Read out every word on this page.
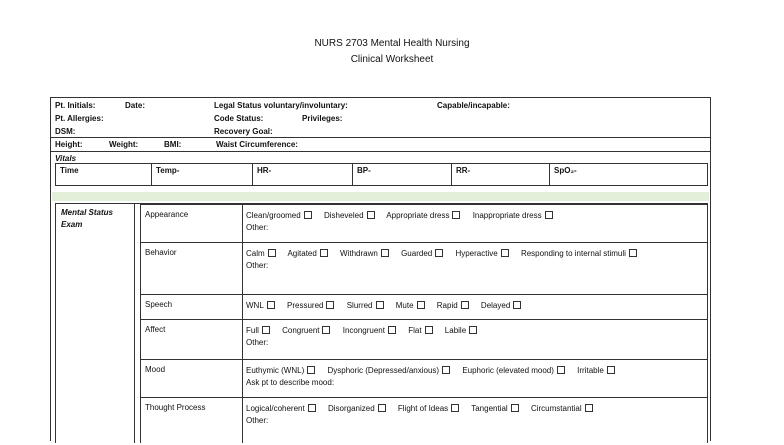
NURS 2703 Mental Health Nursing
Clinical Worksheet
Pt. Initials:	Date:	Legal Status voluntary/involuntary:	Capable/incapable:
Pt. Allergies:	Code Status:	Privileges:
DSM:	Recovery Goal:
Height:	Weight:	BMI:	Waist Circumference:
Vitals
Time	Temp-	HR-	BP-	RR-	SpO₂-
Mental Status Exam
Appearance	Clean/groomed	Disheveled	Appropriate dress	Inappropriate dress
Other:
Behavior	Calm	Agitated	Withdrawn	Guarded	Hyperactive	Responding to internal stimuli
Other:
Speech	WNL	Pressured	Slurred	Mute	Rapid	Delayed
Affect	Full	Congruent	Incongruent	Flat	Labile
Other:
Mood	Euthymic (WNL)	Dysphoric (Depressed/anxious)	Euphoric (elevated mood)	Irritable
Ask pt to describe mood:
Thought Process	Logical/coherent	Disorganized	Flight of Ideas	Tangential	Circumstantial
Other:
